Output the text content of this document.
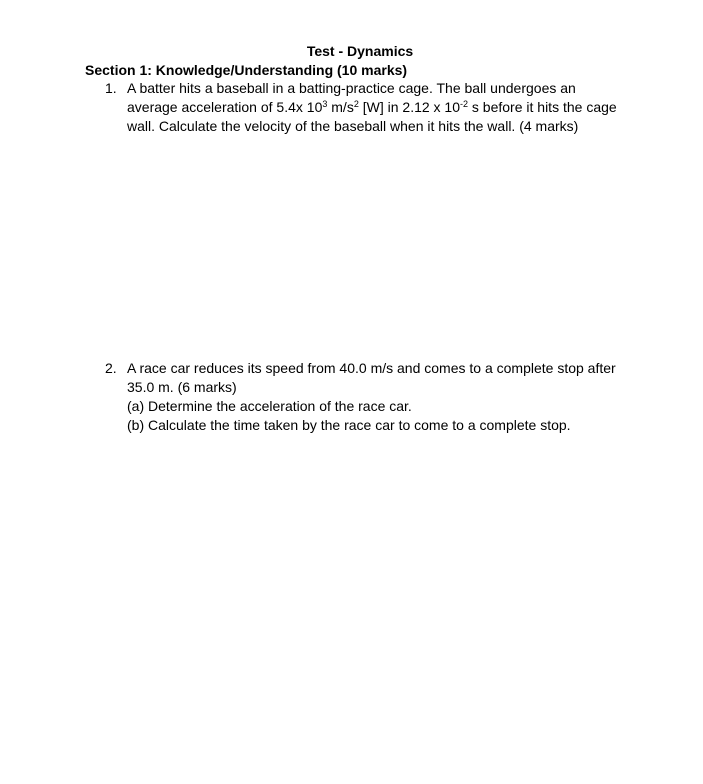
Test - Dynamics
Section 1: Knowledge/Understanding (10 marks)
1. A batter hits a baseball in a batting-practice cage. The ball undergoes an
average acceleration of 5.4x $10^3$ $m/s^2$ [W] in 2.12 x $10^{-2}$ s before it hits the cage
wall. Calculate the velocity of the baseball when it hits the wall. (4 marks)
2. A race car reduces its speed from 40.0 m/s and comes to a complete stop after
35.0 m. (6 marks)
(a) Determine the acceleration of the race car.
(b) Calculate the time taken by the race car to come to a complete stop.
